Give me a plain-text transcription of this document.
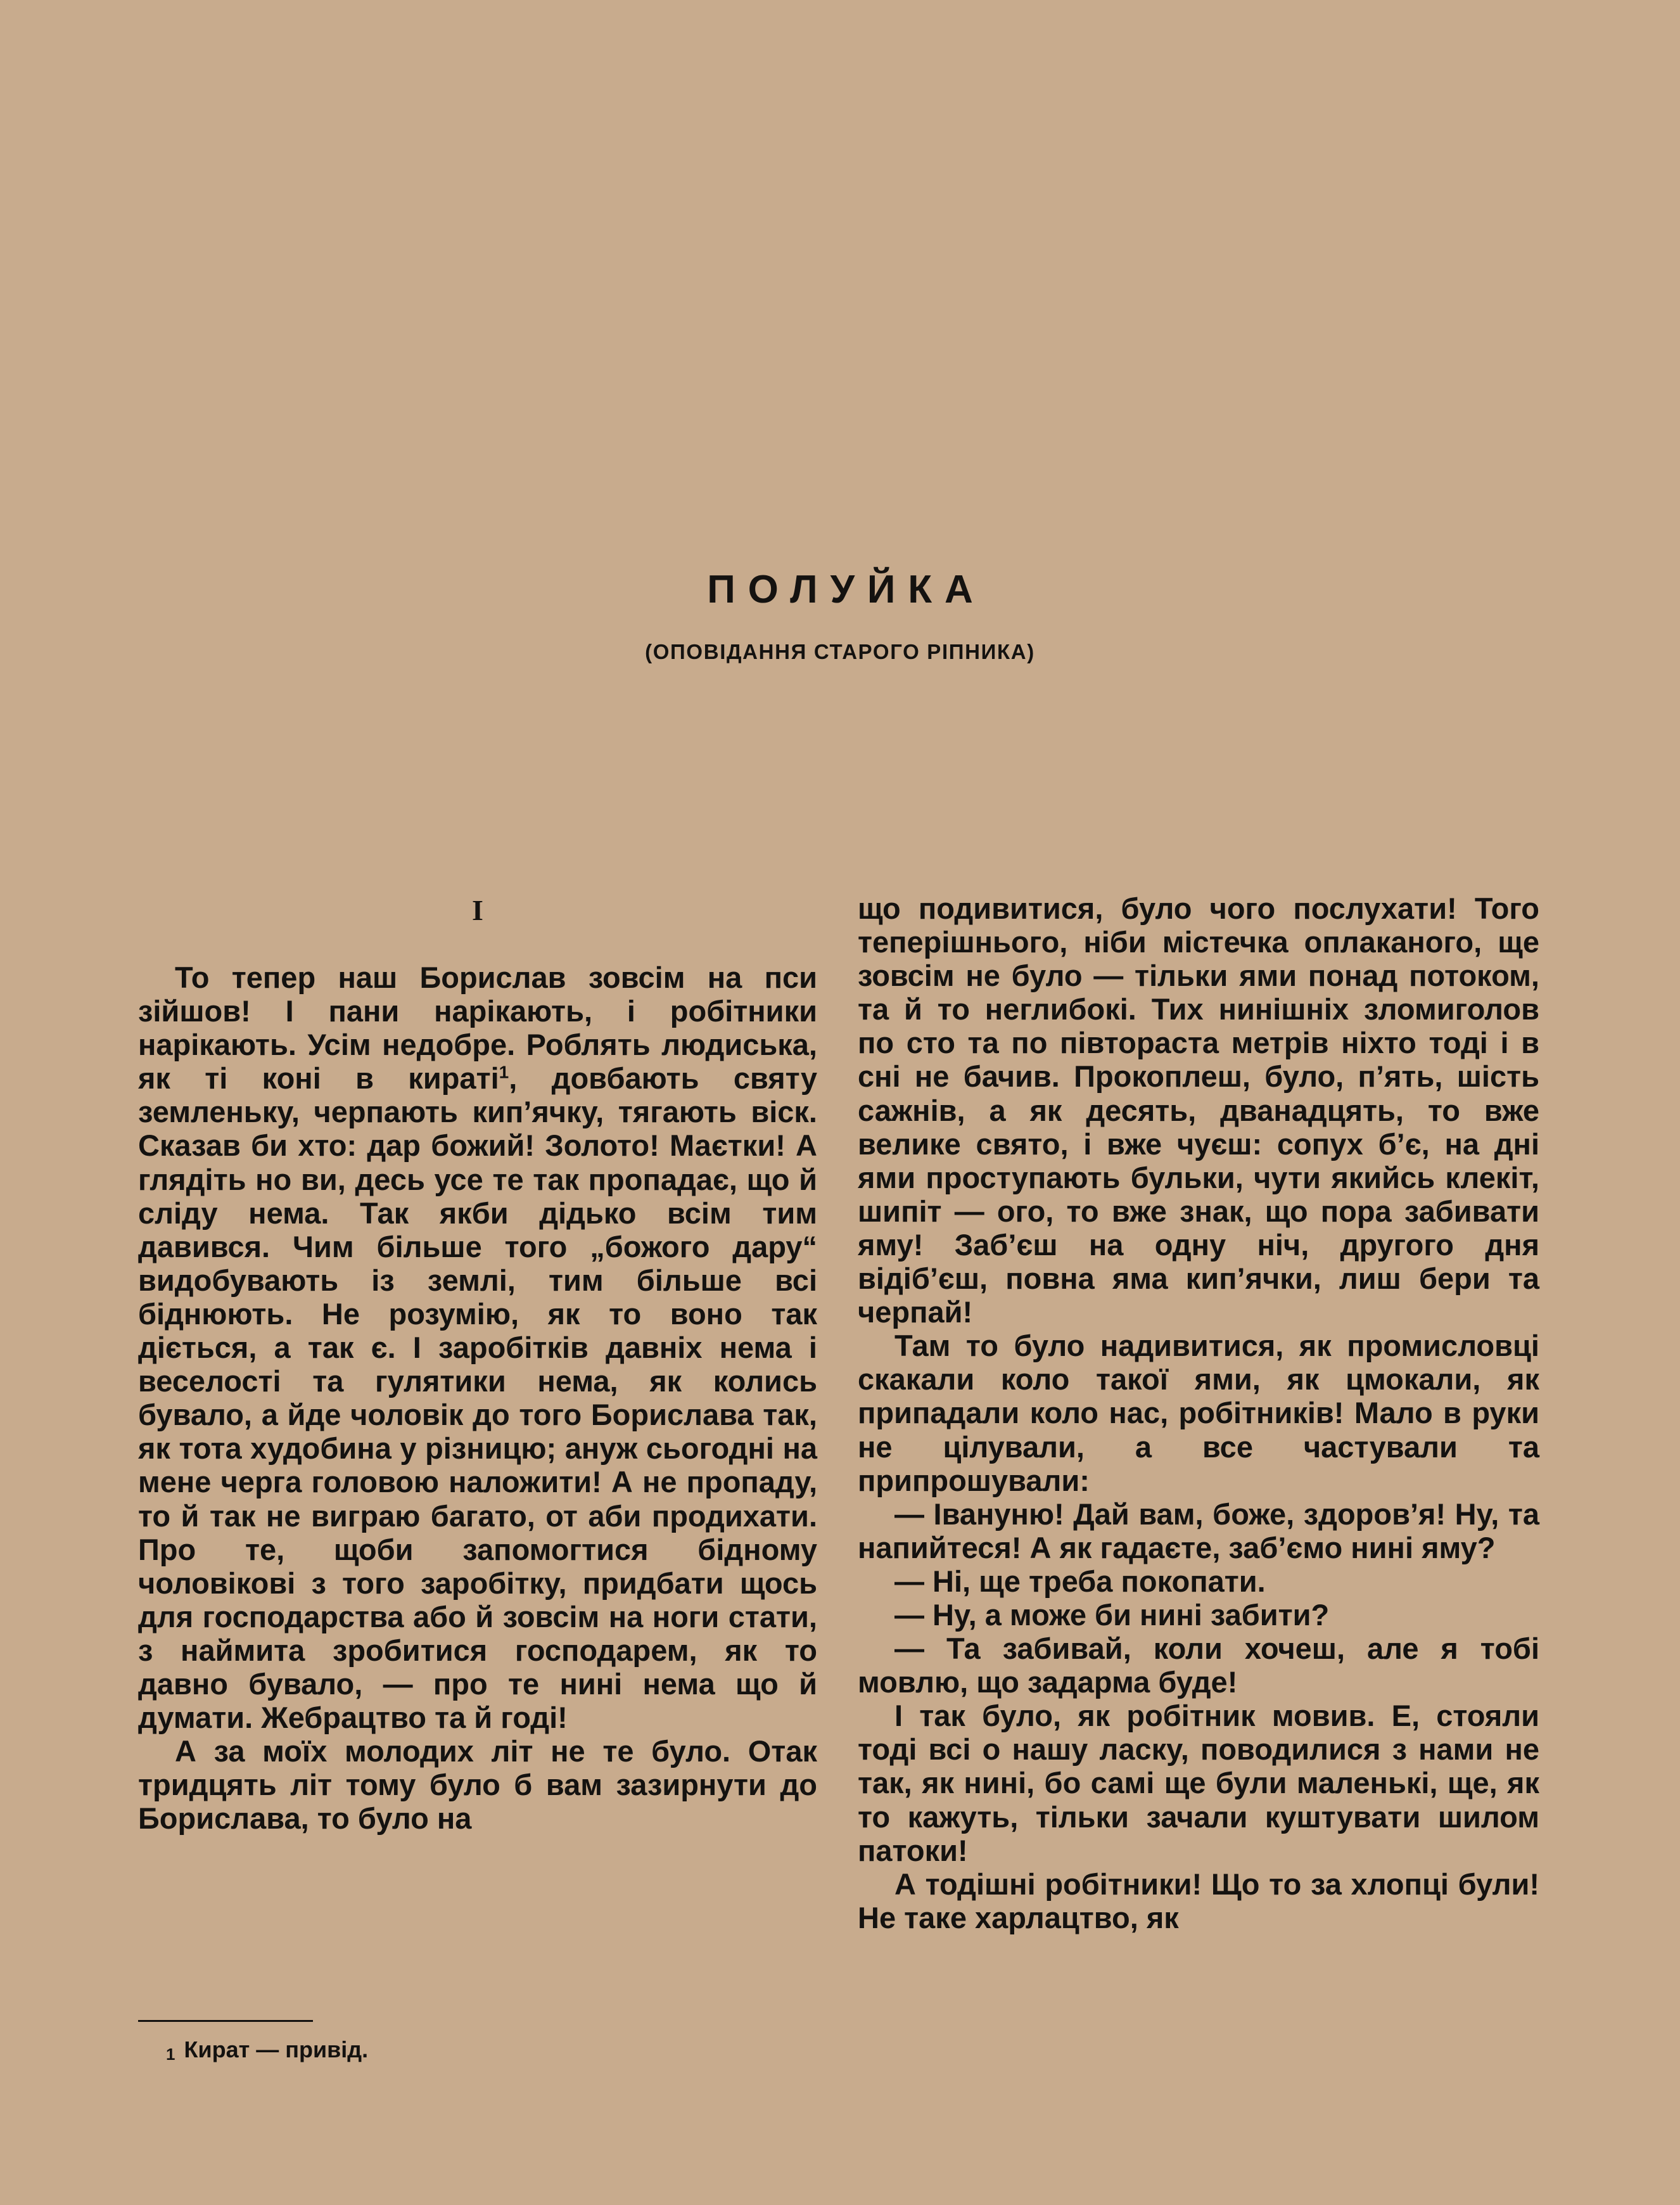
ПОЛУЙКА
(ОПОВІДАННЯ СТАРОГО РІПНИКА)
I

То тепер наш Борислав зовсім на пси зійшов! І пани нарікають, і робітники нарікають. Усім недобре. Роблять людиська, як ті коні в кираті$^1$, довбають святу земленьку, черпають кип’ячку, тягають віск. Сказав би хто: дар божий! Золото! Маєтки! А глядіть но ви, десь усе те так пропадає, що й сліду нема. Так якби дідько всім тим давився. Чим більше того „божого дару“ видобувають із землі, тим більше всі біднюють. Не розумію, як то воно так діється, а так є. І заробітків давніх нема і веселості та гулятики нема, як колись бувало, а йде чоловік до того Борислава так, як тота худобина у різницю; ануж сьогодні на мене черга головою наложити! А не пропаду, то й так не виграю багато, от аби продихати. Про те, щоби запомогтися бідному чоловікові з того заробітку, придбати щось для господарства або й зовсім на ноги стати, з наймита зробитися господарем, як то давно бувало, — про те нині нема що й думати. Жебрацтво та й годі!

А за моїх молодих літ не те було. Отак тридцять літ тому було б вам зазирнути до Борислава, то було на

що подивитися, було чого послухати! Того теперішнього, ніби містечка оплаканого, ще зовсім не було — тільки ями понад потоком, та й то неглибокі. Тих нинішніх зломиголов по сто та по півтораста метрів ніхто тоді і в сні не бачив. Прокоплеш, було, п’ять, шість сажнів, а як десять, дванадцять, то вже велике свято, і вже чуєш: сопух б’є, на дні ями проступають бульки, чути якийсь клекіт, шипіт — ого, то вже знак, що пора забивати яму! Заб’єш на одну ніч, другого дня відіб’єш, повна яма кип’ячки, лиш бери та черпай!

Там то було надивитися, як промисловці скакали коло такої ями, як цмокали, як припадали коло нас, робітників! Мало в руки не цілували, а все частували та припрошували:

— Івануню! Дай вам, боже, здоров’я! Ну, та напийтеся! А як гадаєте, заб’ємо нині яму?

— Ні, ще треба покопати.

— Ну, а може би нині забити?

— Та забивай, коли хочеш, але я тобі мовлю, що задарма буде!

І так було, як робітник мовив. Е, стояли тоді всі о нашу ласку, поводилися з нами не так, як нині, бо самі ще були маленькі, ще, як то кажуть, тільки зачали куштувати шилом патоки!

А тодішні робітники! Що то за хлопці були! Не таке харлацтво, як

1 Кират — привід.
